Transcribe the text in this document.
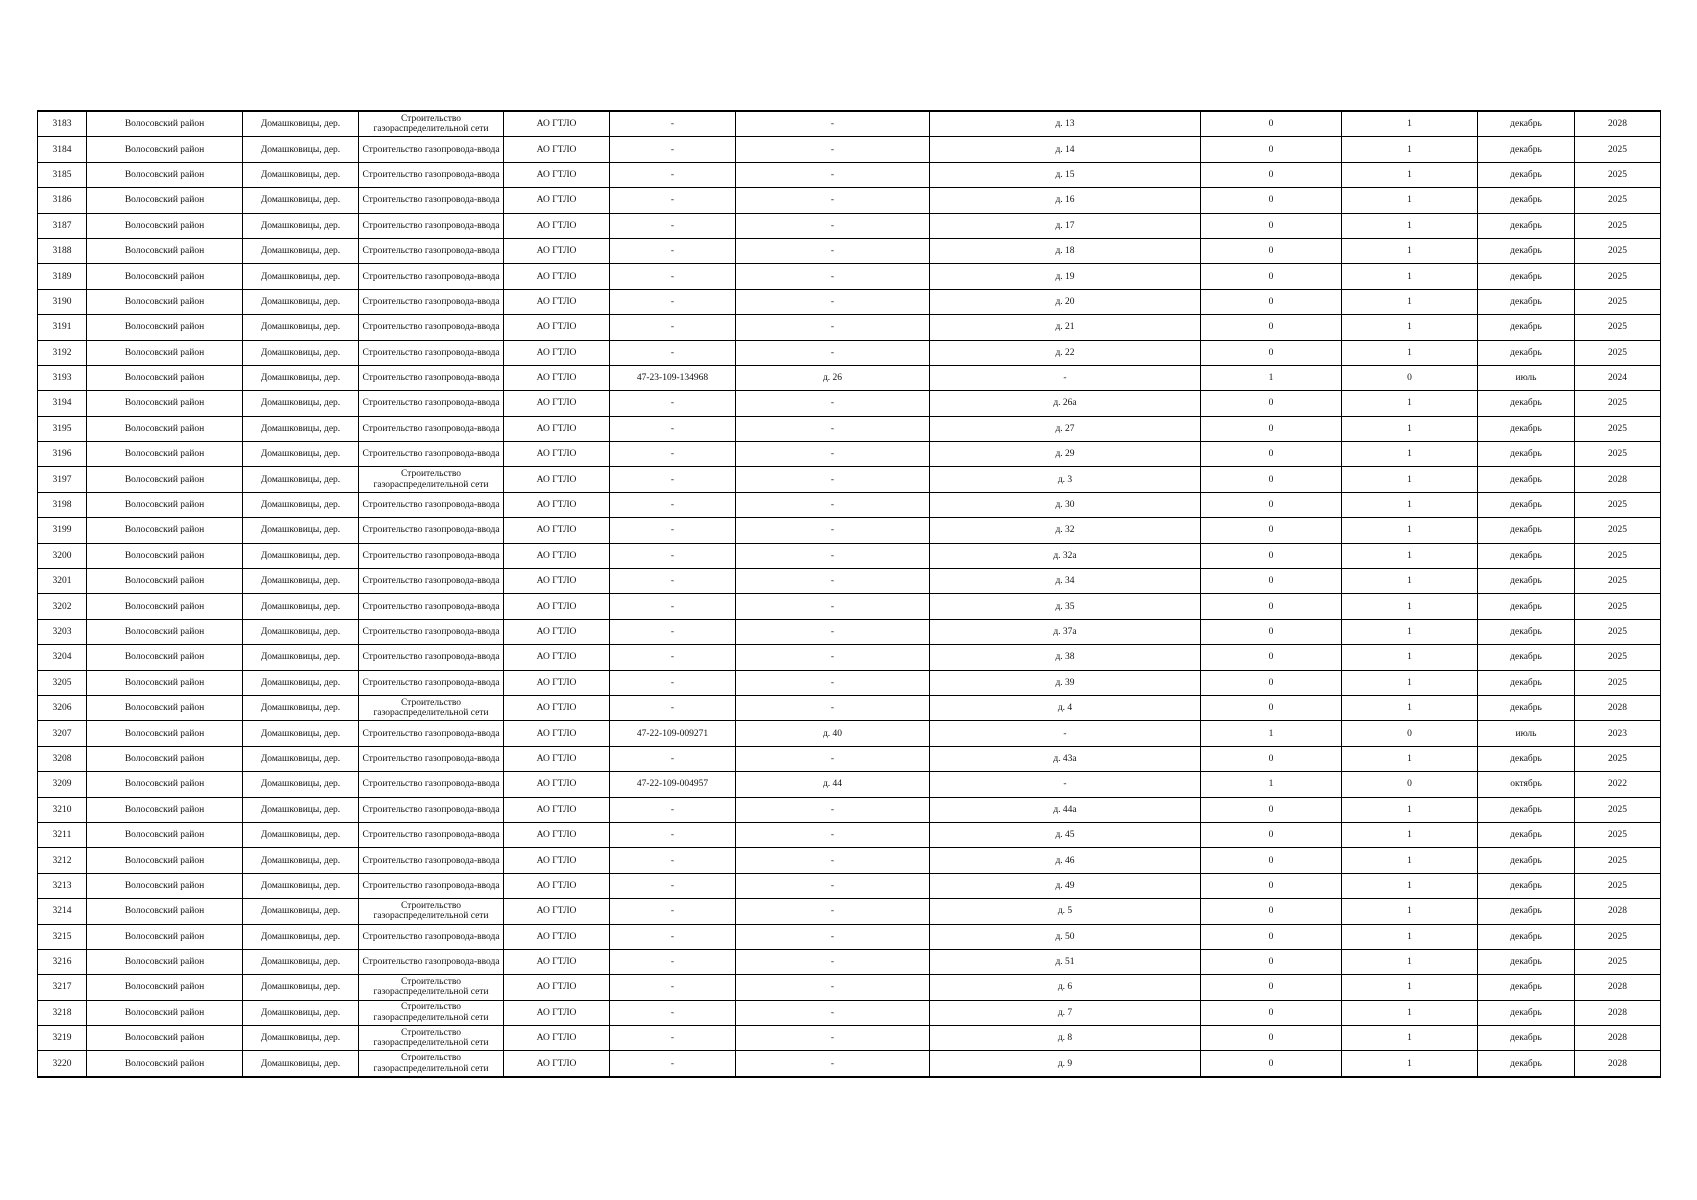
3183	Волосовский район	Домашковицы, дер.	Строительство газораспределительной сети	АО ГТЛО	-	-	д. 13	0	1	декабрь	2028
3184	Волосовский район	Домашковицы, дер.	Строительство газопровода-ввода	АО ГТЛО	-	-	д. 14	0	1	декабрь	2025
3185	Волосовский район	Домашковицы, дер.	Строительство газопровода-ввода	АО ГТЛО	-	-	д. 15	0	1	декабрь	2025
3186	Волосовский район	Домашковицы, дер.	Строительство газопровода-ввода	АО ГТЛО	-	-	д. 16	0	1	декабрь	2025
3187	Волосовский район	Домашковицы, дер.	Строительство газопровода-ввода	АО ГТЛО	-	-	д. 17	0	1	декабрь	2025
3188	Волосовский район	Домашковицы, дер.	Строительство газопровода-ввода	АО ГТЛО	-	-	д. 18	0	1	декабрь	2025
3189	Волосовский район	Домашковицы, дер.	Строительство газопровода-ввода	АО ГТЛО	-	-	д. 19	0	1	декабрь	2025
3190	Волосовский район	Домашковицы, дер.	Строительство газопровода-ввода	АО ГТЛО	-	-	д. 20	0	1	декабрь	2025
3191	Волосовский район	Домашковицы, дер.	Строительство газопровода-ввода	АО ГТЛО	-	-	д. 21	0	1	декабрь	2025
3192	Волосовский район	Домашковицы, дер.	Строительство газопровода-ввода	АО ГТЛО	-	-	д. 22	0	1	декабрь	2025
3193	Волосовский район	Домашковицы, дер.	Строительство газопровода-ввода	АО ГТЛО	47-23-109-134968	д. 26	-	1	0	июль	2024
3194	Волосовский район	Домашковицы, дер.	Строительство газопровода-ввода	АО ГТЛО	-	-	д. 26а	0	1	декабрь	2025
3195	Волосовский район	Домашковицы, дер.	Строительство газопровода-ввода	АО ГТЛО	-	-	д. 27	0	1	декабрь	2025
3196	Волосовский район	Домашковицы, дер.	Строительство газопровода-ввода	АО ГТЛО	-	-	д. 29	0	1	декабрь	2025
3197	Волосовский район	Домашковицы, дер.	Строительство газораспределительной сети	АО ГТЛО	-	-	д. 3	0	1	декабрь	2028
3198	Волосовский район	Домашковицы, дер.	Строительство газопровода-ввода	АО ГТЛО	-	-	д. 30	0	1	декабрь	2025
3199	Волосовский район	Домашковицы, дер.	Строительство газопровода-ввода	АО ГТЛО	-	-	д. 32	0	1	декабрь	2025
3200	Волосовский район	Домашковицы, дер.	Строительство газопровода-ввода	АО ГТЛО	-	-	д. 32а	0	1	декабрь	2025
3201	Волосовский район	Домашковицы, дер.	Строительство газопровода-ввода	АО ГТЛО	-	-	д. 34	0	1	декабрь	2025
3202	Волосовский район	Домашковицы, дер.	Строительство газопровода-ввода	АО ГТЛО	-	-	д. 35	0	1	декабрь	2025
3203	Волосовский район	Домашковицы, дер.	Строительство газопровода-ввода	АО ГТЛО	-	-	д. 37а	0	1	декабрь	2025
3204	Волосовский район	Домашковицы, дер.	Строительство газопровода-ввода	АО ГТЛО	-	-	д. 38	0	1	декабрь	2025
3205	Волосовский район	Домашковицы, дер.	Строительство газопровода-ввода	АО ГТЛО	-	-	д. 39	0	1	декабрь	2025
3206	Волосовский район	Домашковицы, дер.	Строительство газораспределительной сети	АО ГТЛО	-	-	д. 4	0	1	декабрь	2028
3207	Волосовский район	Домашковицы, дер.	Строительство газопровода-ввода	АО ГТЛО	47-22-109-009271	д. 40	-	1	0	июль	2023
3208	Волосовский район	Домашковицы, дер.	Строительство газопровода-ввода	АО ГТЛО	-	-	д. 43а	0	1	декабрь	2025
3209	Волосовский район	Домашковицы, дер.	Строительство газопровода-ввода	АО ГТЛО	47-22-109-004957	д. 44	-	1	0	октябрь	2022
3210	Волосовский район	Домашковицы, дер.	Строительство газопровода-ввода	АО ГТЛО	-	-	д. 44а	0	1	декабрь	2025
3211	Волосовский район	Домашковицы, дер.	Строительство газопровода-ввода	АО ГТЛО	-	-	д. 45	0	1	декабрь	2025
3212	Волосовский район	Домашковицы, дер.	Строительство газопровода-ввода	АО ГТЛО	-	-	д. 46	0	1	декабрь	2025
3213	Волосовский район	Домашковицы, дер.	Строительство газопровода-ввода	АО ГТЛО	-	-	д. 49	0	1	декабрь	2025
3214	Волосовский район	Домашковицы, дер.	Строительство газораспределительной сети	АО ГТЛО	-	-	д. 5	0	1	декабрь	2028
3215	Волосовский район	Домашковицы, дер.	Строительство газопровода-ввода	АО ГТЛО	-	-	д. 50	0	1	декабрь	2025
3216	Волосовский район	Домашковицы, дер.	Строительство газопровода-ввода	АО ГТЛО	-	-	д. 51	0	1	декабрь	2025
3217	Волосовский район	Домашковицы, дер.	Строительство газораспределительной сети	АО ГТЛО	-	-	д. 6	0	1	декабрь	2028
3218	Волосовский район	Домашковицы, дер.	Строительство газораспределительной сети	АО ГТЛО	-	-	д. 7	0	1	декабрь	2028
3219	Волосовский район	Домашковицы, дер.	Строительство газораспределительной сети	АО ГТЛО	-	-	д. 8	0	1	декабрь	2028
3220	Волосовский район	Домашковицы, дер.	Строительство газораспределительной сети	АО ГТЛО	-	-	д. 9	0	1	декабрь	2028
